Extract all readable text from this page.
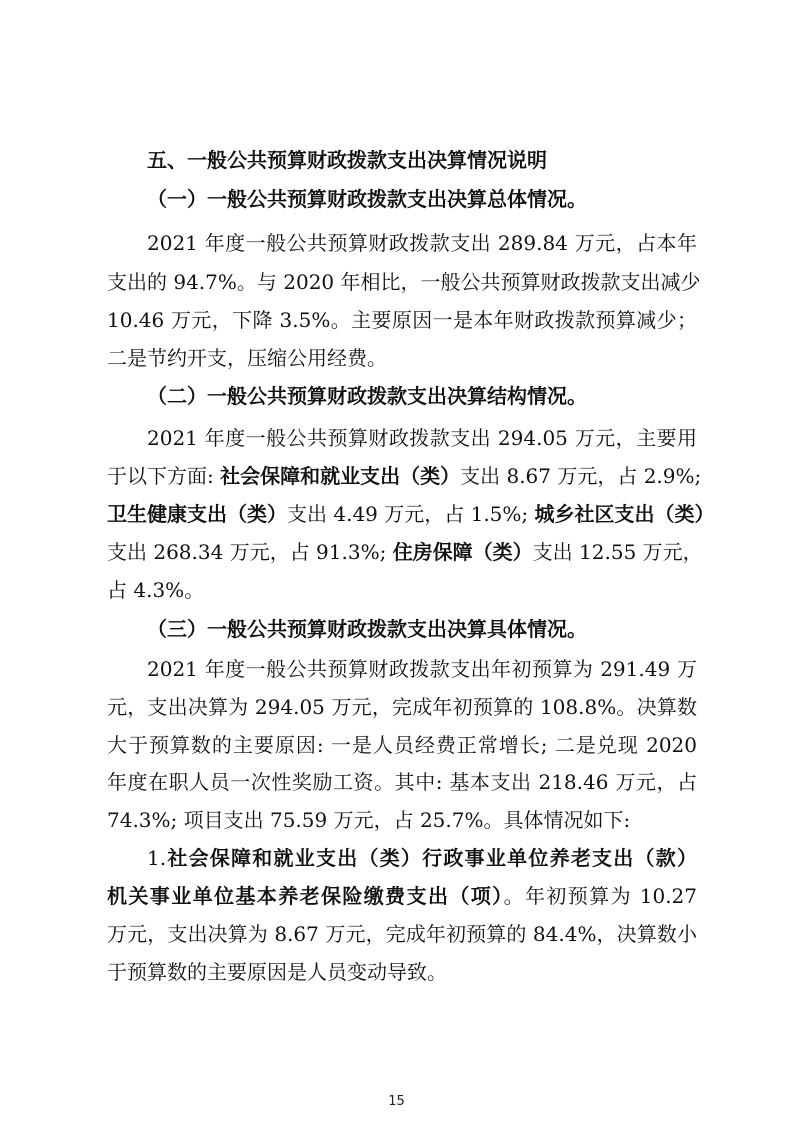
五、一般公共预算财政拨款支出决算情况说明
（一）一般公共预算财政拨款支出决算总体情况。
2021 年度一般公共预算财政拨款支出 289.84 万元，占本年
支出的 94.7%。与 2020 年相比，一般公共预算财政拨款支出减少
10.46 万元，下降 3.5%。主要原因一是本年财政拨款预算减少；
二是节约开支，压缩公用经费。
（二）一般公共预算财政拨款支出决算结构情况。
2021 年度一般公共预算财政拨款支出 294.05 万元，主要用
于以下方面: 社会保障和就业支出（类）支出 8.67 万元，占 2.9%;
卫生健康支出（类）支出 4.49 万元，占 1.5%; 城乡社区支出（类）
支出 268.34 万元，占 91.3%; 住房保障（类）支出 12.55 万元，
占 4.3%。
（三）一般公共预算财政拨款支出决算具体情况。
2021 年度一般公共预算财政拨款支出年初预算为 291.49 万
元，支出决算为 294.05 万元，完成年初预算的 108.8%。决算数
大于预算数的主要原因: 一是人员经费正常增长; 二是兑现 2020
年度在职人员一次性奖励工资。其中: 基本支出 218.46 万元，占
74.3%; 项目支出 75.59 万元，占 25.7%。具体情况如下:
1.社会保障和就业支出（类）行政事业单位养老支出（款）
机关事业单位基本养老保险缴费支出（项）。年初预算为 10.27
万元，支出决算为 8.67 万元，完成年初预算的 84.4%，决算数小
于预算数的主要原因是人员变动导致。
15
